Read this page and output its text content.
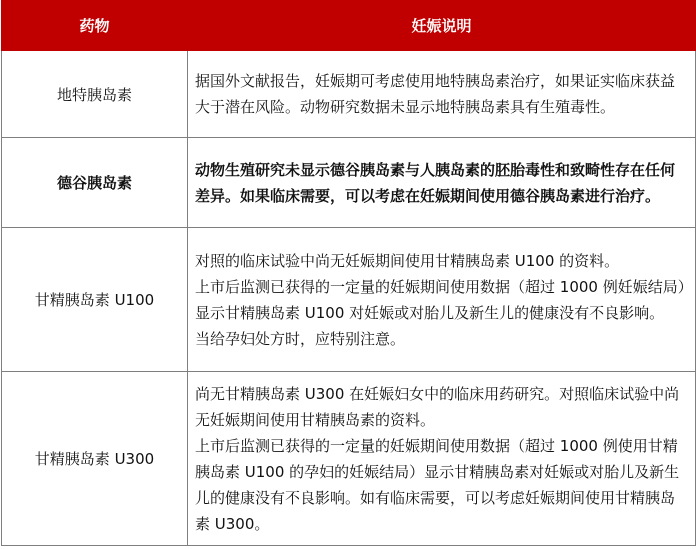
药物	妊娠说明
地特胰岛素	据国外文献报告，妊娠期可考虑使用地特胰岛素治疗，如果证实临床获益大于潜在风险。动物研究数据未显示地特胰岛素具有生殖毒性。

德谷胰岛素	动物生殖研究未显示德谷胰岛素与人胰岛素的胚胎毒性和致畸性存在任何差异。如果临床需要，可以考虑在妊娠期间使用德谷胰岛素进行治疗。

甘精胰岛素 U100	对照的临床试验中尚无妊娠期间使用甘精胰岛素 U100 的资料。
上市后监测已获得的一定量的妊娠期间使用数据（超过 1000 例妊娠结局）显示甘精胰岛素 U100 对妊娠或对胎儿及新生儿的健康没有不良影响。
当给孕妇处方时，应特别注意。

甘精胰岛素 U300	尚无甘精胰岛素 U300 在妊娠妇女中的临床用药研究。对照临床试验中尚无妊娠期间使用甘精胰岛素的资料。
上市后监测已获得的一定量的妊娠期间使用数据（超过 1000 例使用甘精胰岛素 U100 的孕妇的妊娠结局）显示甘精胰岛素对妊娠或对胎儿及新生儿的健康没有不良影响。如有临床需要，可以考虑妊娠期间使用甘精胰岛素 U300。
